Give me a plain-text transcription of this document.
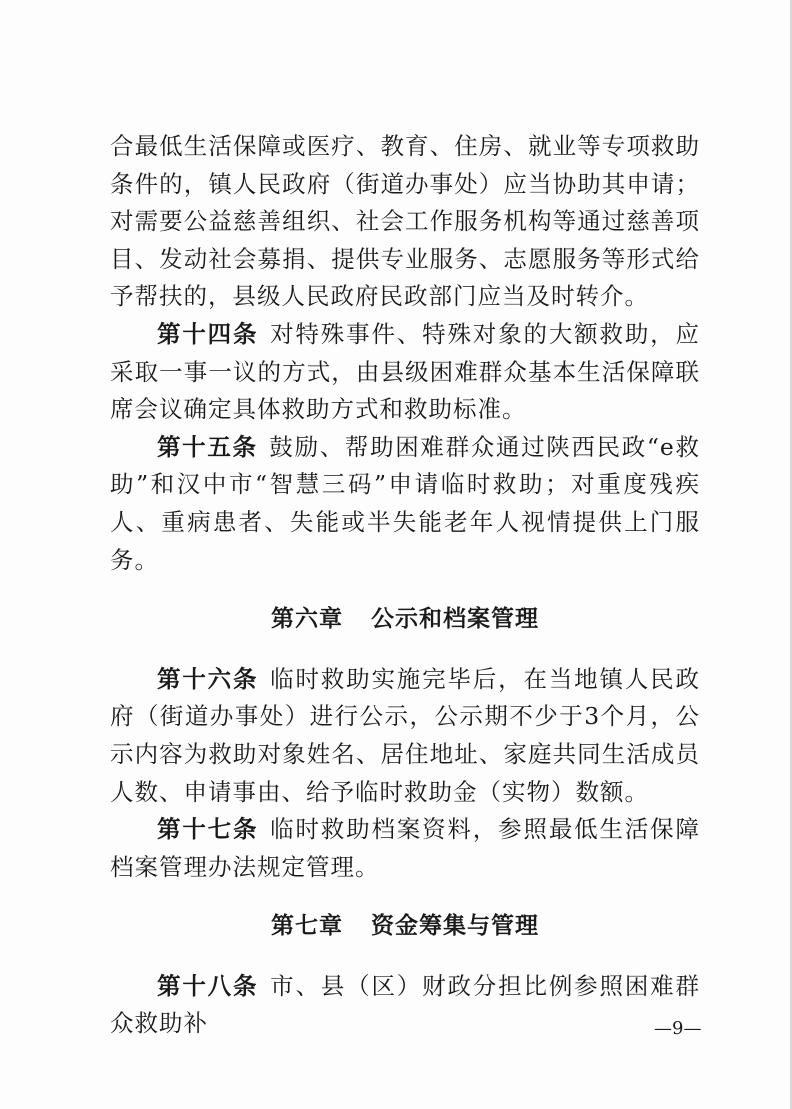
合最低生活保障或医疗、教育、住房、就业等专项救助条件的，镇人民政府（街道办事处）应当协助其申请；对需要公益慈善组织、社会工作服务机构等通过慈善项目、发动社会募捐、提供专业服务、志愿服务等形式给予帮扶的，县级人民政府民政部门应当及时转介。

第十四条 对特殊事件、特殊对象的大额救助，应采取一事一议的方式，由县级困难群众基本生活保障联席会议确定具体救助方式和救助标准。

第十五条 鼓励、帮助困难群众通过陕西民政“e救助”和汉中市“智慧三码”申请临时救助；对重度残疾人、重病患者、失能或半失能老年人视情提供上门服务。

第六章 公示和档案管理

第十六条 临时救助实施完毕后，在当地镇人民政府（街道办事处）进行公示，公示期不少于3个月，公示内容为救助对象姓名、居住地址、家庭共同生活成员人数、申请事由、给予临时救助金（实物）数额。

第十七条 临时救助档案资料，参照最低生活保障档案管理办法规定管理。

第七章 资金筹集与管理

第十八条 市、县（区）财政分担比例参照困难群众救助补	—9—
